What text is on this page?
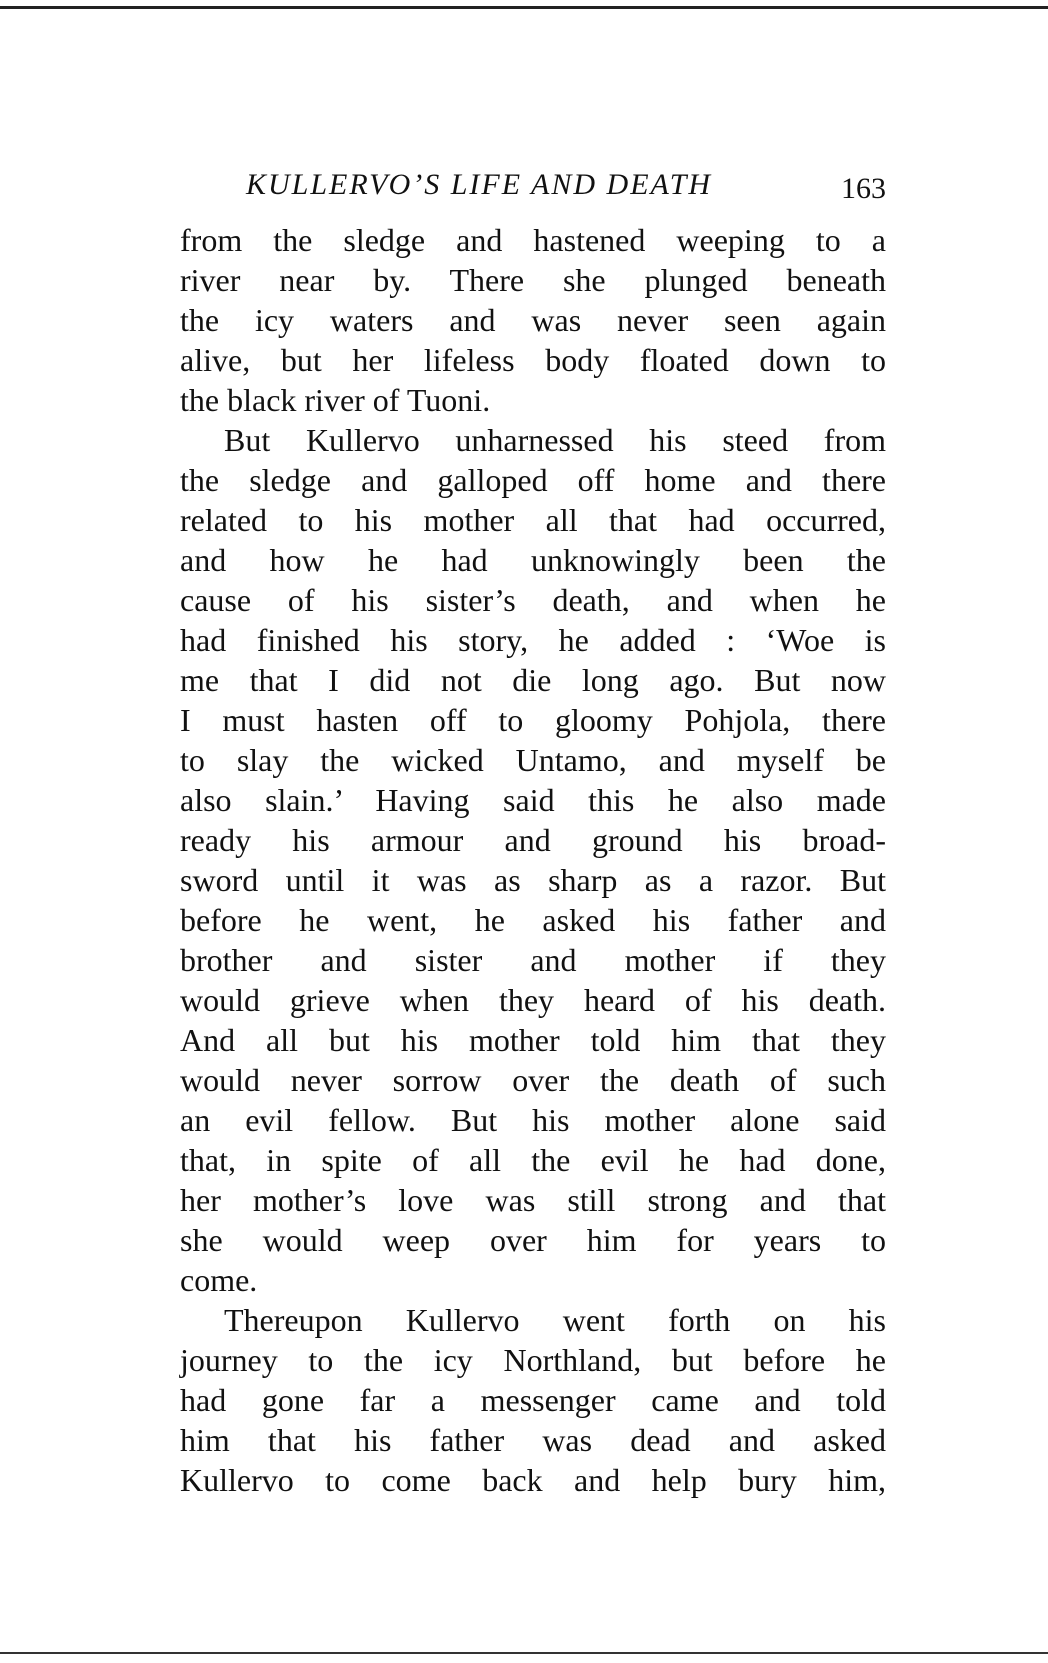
KULLERVO’S LIFE AND DEATH	163
from the sledge and hastened weeping to a
river near by. There she plunged beneath
the icy waters and was never seen again
alive, but her lifeless body floated down to
the black river of Tuoni.
But Kullervo unharnessed his steed from
the sledge and galloped off home and there
related to his mother all that had occurred,
and how he had unknowingly been the
cause of his sister’s death, and when he
had finished his story, he added : ‘Woe is
me that I did not die long ago. But now
I must hasten off to gloomy Pohjola, there
to slay the wicked Untamo, and myself be
also slain.’ Having said this he also made
ready his armour and ground his broad-
sword until it was as sharp as a razor. But
before he went, he asked his father and
brother and sister and mother if they
would grieve when they heard of his death.
And all but his mother told him that they
would never sorrow over the death of such
an evil fellow. But his mother alone said
that, in spite of all the evil he had done,
her mother’s love was still strong and that
she would weep over him for years to
come.
Thereupon Kullervo went forth on his
journey to the icy Northland, but before he
had gone far a messenger came and told
him that his father was dead and asked
Kullervo to come back and help bury him,
